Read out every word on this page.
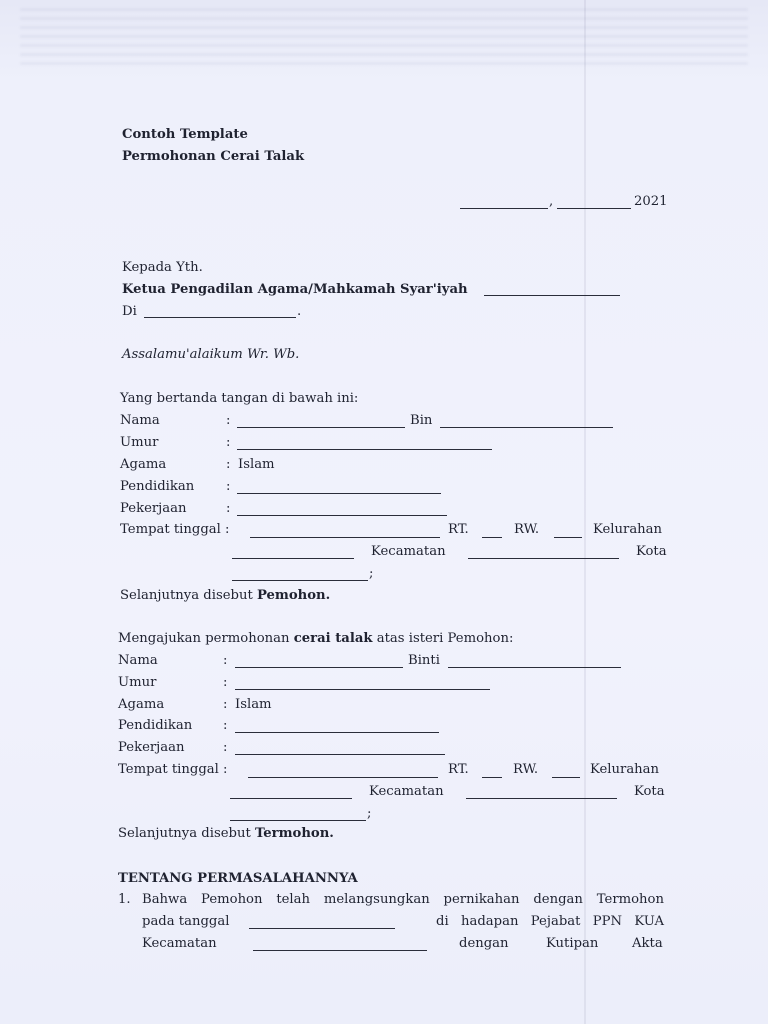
Contoh Template
Permohonan Cerai Talak
,	2021
Kepada Yth.
Ketua Pengadilan Agama/Mahkamah Syar'iyah
Di	.
Assalamu'alaikum Wr. Wb.
Yang bertanda tangan di bawah ini:
Nama	:	Bin
Umur	:
Agama	: Islam
Pendidikan :
Pekerjaan	:
Tempat tinggal :	RT.	RW.	Kelurahan
Kecamatan	Kota
;
Selanjutnya disebut Pemohon.
Mengajukan permohonan cerai talak atas isteri Pemohon:
Nama	:	Binti
Umur	:
Agama	: Islam
Pendidikan :
Pekerjaan	:
Tempat tinggal :	RT.	RW.	Kelurahan
Kecamatan	Kota
;
Selanjutnya disebut Termohon.
TENTANG PERMASALAHANNYA
1. Bahwa Pemohon telah melangsungkan pernikahan dengan Termohon
pada tanggal	di hadapan Pejabat PPN KUA
Kecamatan	dengan	Kutipan	Akta
